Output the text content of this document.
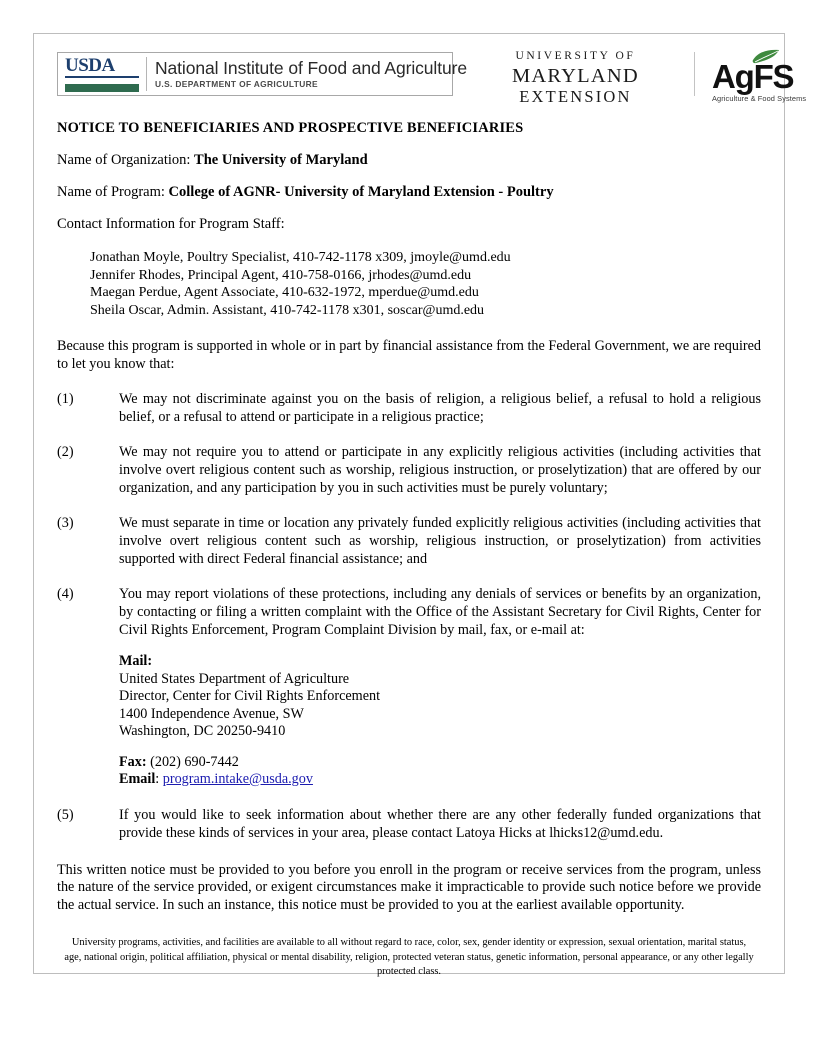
USDA	National Institute of Food and Agriculture
U.S. DEPARTMENT OF AGRICULTURE
UNIVERSITY OF
MARYLAND
EXTENSION
AgFS
Agriculture & Food Systems
NOTICE TO BENEFICIARIES AND PROSPECTIVE BENEFICIARIES
Name of Organization: The University of Maryland
Name of Program: College of AGNR- University of Maryland Extension - Poultry
Contact Information for Program Staff:
Jonathan Moyle, Poultry Specialist, 410-742-1178 x309, jmoyle@umd.edu
Jennifer Rhodes, Principal Agent, 410-758-0166, jrhodes@umd.edu
Maegan Perdue, Agent Associate, 410-632-1972, mperdue@umd.edu
Sheila Oscar, Admin. Assistant, 410-742-1178 x301, soscar@umd.edu
Because this program is supported in whole or in part by financial assistance from the Federal Government, we are required to let you know that:
(1)	We may not discriminate against you on the basis of religion, a religious belief, a refusal to hold a religious belief, or a refusal to attend or participate in a religious practice;
(2)	We may not require you to attend or participate in any explicitly religious activities (including activities that involve overt religious content such as worship, religious instruction, or proselytization) that are offered by our organization, and any participation by you in such activities must be purely voluntary;
(3)	We must separate in time or location any privately funded explicitly religious activities (including activities that involve overt religious content such as worship, religious instruction, or proselytization) from activities supported with direct Federal financial assistance; and
(4)	You may report violations of these protections, including any denials of services or benefits by an organization, by contacting or filing a written complaint with the Office of the Assistant Secretary for Civil Rights, Center for Civil Rights Enforcement, Program Complaint Division by mail, fax, or e-mail at:
Mail:
United States Department of Agriculture
Director, Center for Civil Rights Enforcement
1400 Independence Avenue, SW
Washington, DC 20250-9410
Fax: (202) 690-7442
Email: program.intake@usda.gov
(5)	If you would like to seek information about whether there are any other federally funded organizations that provide these kinds of services in your area, please contact Latoya Hicks at lhicks12@umd.edu.
This written notice must be provided to you before you enroll in the program or receive services from the program, unless the nature of the service provided, or exigent circumstances make it impracticable to provide such notice before we provide the actual service. In such an instance, this notice must be provided to you at the earliest available opportunity.
University programs, activities, and facilities are available to all without regard to race, color, sex, gender identity or expression, sexual orientation, marital status, age, national origin, political affiliation, physical or mental disability, religion, protected veteran status, genetic information, personal appearance, or any other legally protected class.
